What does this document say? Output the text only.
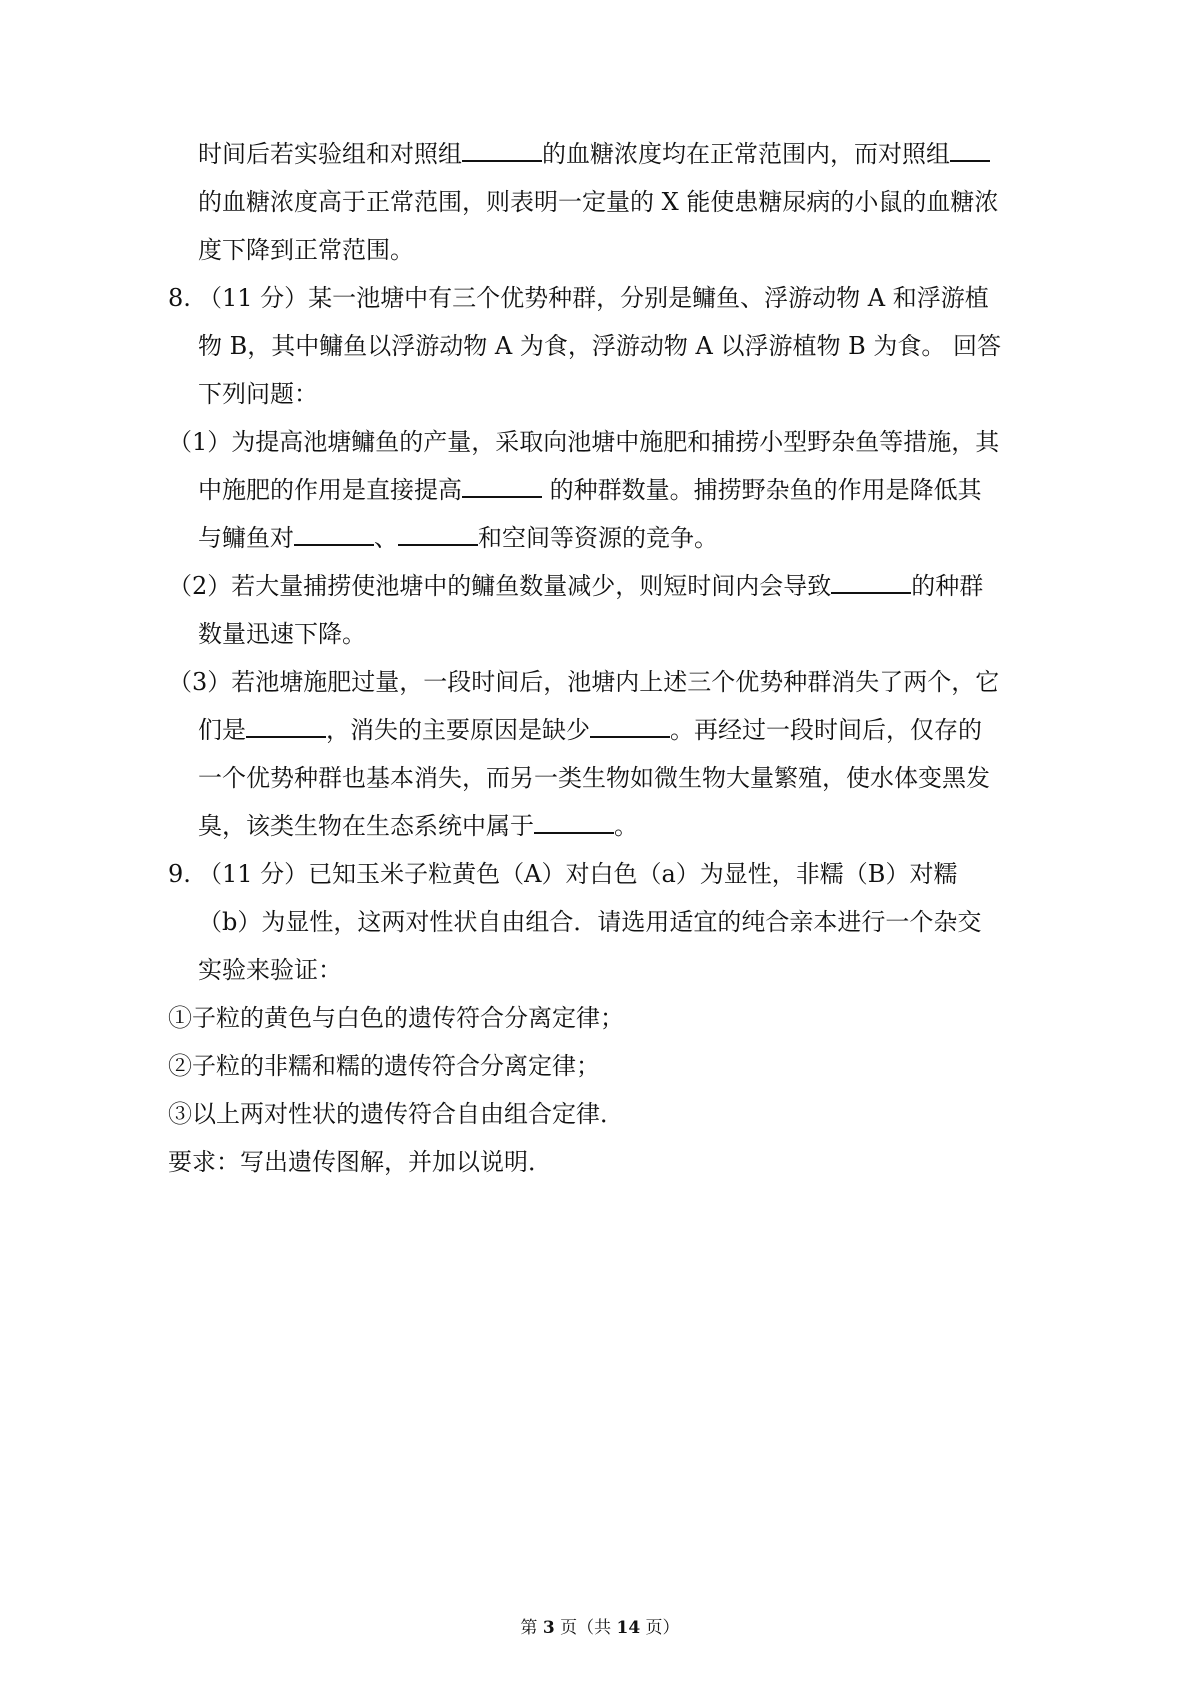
时间后若实验组和对照组	的血糖浓度均在正常范围内，而对照组
的血糖浓度高于正常范围，则表明一定量的 X 能使患糖尿病的小鼠的血糖浓
度下降到正常范围。
8. （11 分）某一池塘中有三个优势种群，分别是鳙鱼、浮游动物 A 和浮游植
物 B，其中鳙鱼以浮游动物 A 为食，浮游动物 A 以浮游植物 B 为食。 回答
下列问题：
（1）为提高池塘鳙鱼的产量，采取向池塘中施肥和捕捞小型野杂鱼等措施，其
中施肥的作用是直接提高	的种群数量。捕捞野杂鱼的作用是降低其
与鳙鱼对	、	和空间等资源的竞争。
（2）若大量捕捞使池塘中的鳙鱼数量减少，则短时间内会导致	的种群
数量迅速下降。
（3）若池塘施肥过量，一段时间后，池塘内上述三个优势种群消失了两个，它
们是	，消失的主要原因是缺少	。再经过一段时间后，仅存的
一个优势种群也基本消失，而另一类生物如微生物大量繁殖，使水体变黑发
臭，该类生物在生态系统中属于	。
9. （11 分）已知玉米子粒黄色（A）对白色（a）为显性，非糯（B）对糯
（b）为显性，这两对性状自由组合．请选用适宜的纯合亲本进行一个杂交
实验来验证：
①子粒的黄色与白色的遗传符合分离定律；
②子粒的非糯和糯的遗传符合分离定律；
③以上两对性状的遗传符合自由组合定律．
要求：写出遗传图解，并加以说明．
第 3 页（共 14 页）
